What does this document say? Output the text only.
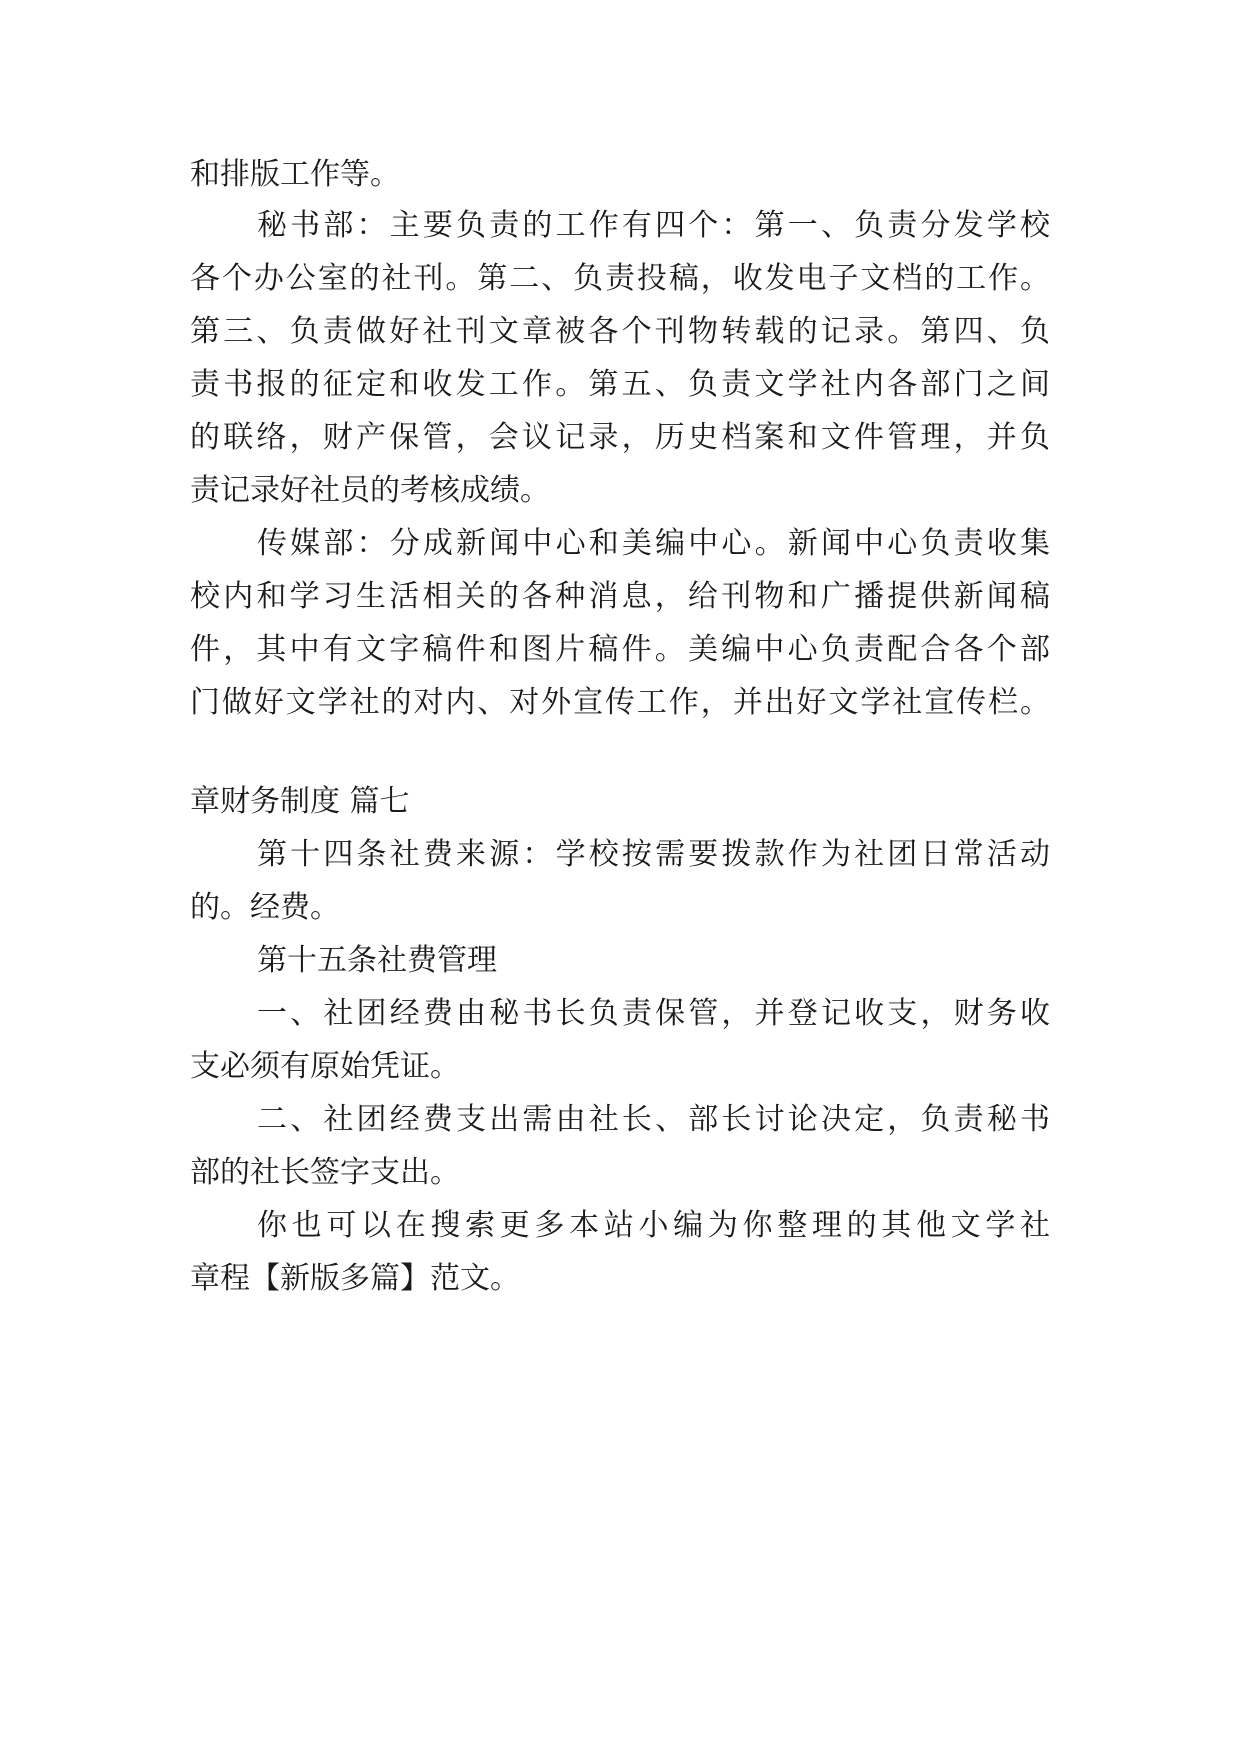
和排版工作等。
秘书部：主要负责的工作有四个：第一、负责分发学校
各个办公室的社刊。第二、负责投稿，收发电子文档的工作。
第三、负责做好社刊文章被各个刊物转载的记录。第四、负
责书报的征定和收发工作。第五、负责文学社内各部门之间
的联络，财产保管，会议记录，历史档案和文件管理，并负
责记录好社员的考核成绩。
传媒部：分成新闻中心和美编中心。新闻中心负责收集
校内和学习生活相关的各种消息，给刊物和广播提供新闻稿
件，其中有文字稿件和图片稿件。美编中心负责配合各个部
门做好文学社的对内、对外宣传工作，并出好文学社宣传栏。
章财务制度 篇七
第十四条社费来源：学校按需要拨款作为社团日常活动
的。经费。
第十五条社费管理
一、社团经费由秘书长负责保管，并登记收支，财务收
支必须有原始凭证。
二、社团经费支出需由社长、部长讨论决定，负责秘书
部的社长签字支出。
你也可以在搜索更多本站小编为你整理的其他文学社
章程【新版多篇】范文。
